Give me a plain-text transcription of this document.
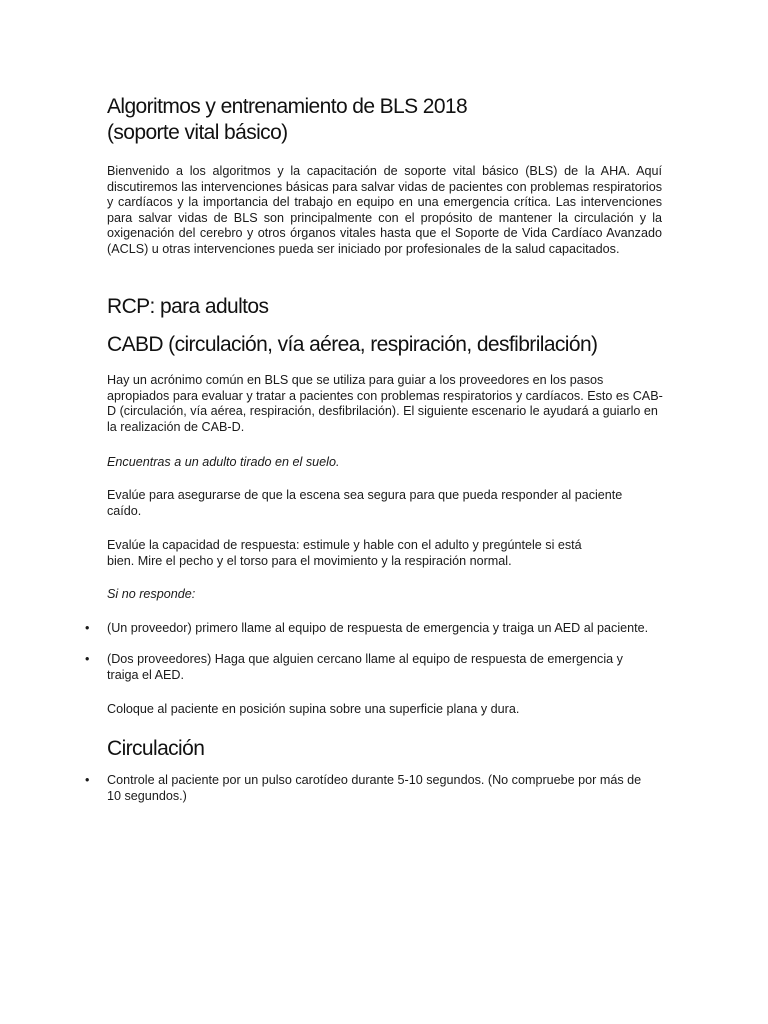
Algoritmos y entrenamiento de BLS 2018
(soporte vital básico)

Bienvenido a los algoritmos y la capacitación de soporte vital básico (BLS) de la AHA. Aquí discutiremos las intervenciones básicas para salvar vidas de pacientes con problemas respiratorios y cardíacos y la importancia del trabajo en equipo en una emergencia crítica. Las intervenciones para salvar vidas de BLS son principalmente con el propósito de mantener la circulación y la oxigenación del cerebro y otros órganos vitales hasta que el Soporte de Vida Cardíaco Avanzado (ACLS) u otras intervenciones pueda ser iniciado por profesionales de la salud capacitados.

RCP: para adultos
CABD (circulación, vía aérea, respiración, desfibrilación)

Hay un acrónimo común en BLS que se utiliza para guiar a los proveedores en los pasos apropiados para evaluar y tratar a pacientes con problemas respiratorios y cardíacos. Esto es CAB-D (circulación, vía aérea, respiración, desfibrilación). El siguiente escenario le ayudará a guiarlo en la realización de CAB-D.

Encuentras a un adulto tirado en el suelo.

Evalúe para asegurarse de que la escena sea segura para que pueda responder al paciente caído.

Evalúe la capacidad de respuesta: estimule y hable con el adulto y pregúntele si está
bien. Mire el pecho y el torso para el movimiento y la respiración normal.

Si no responde:

• (Un proveedor) primero llame al equipo de respuesta de emergencia y traiga un AED al paciente.
• (Dos proveedores) Haga que alguien cercano llame al equipo de respuesta de emergencia y traiga el AED.

Coloque al paciente en posición supina sobre una superficie plana y dura.

Circulación
• Controle al paciente por un pulso carotídeo durante 5-10 segundos. (No compruebe por más de 10 segundos.)
